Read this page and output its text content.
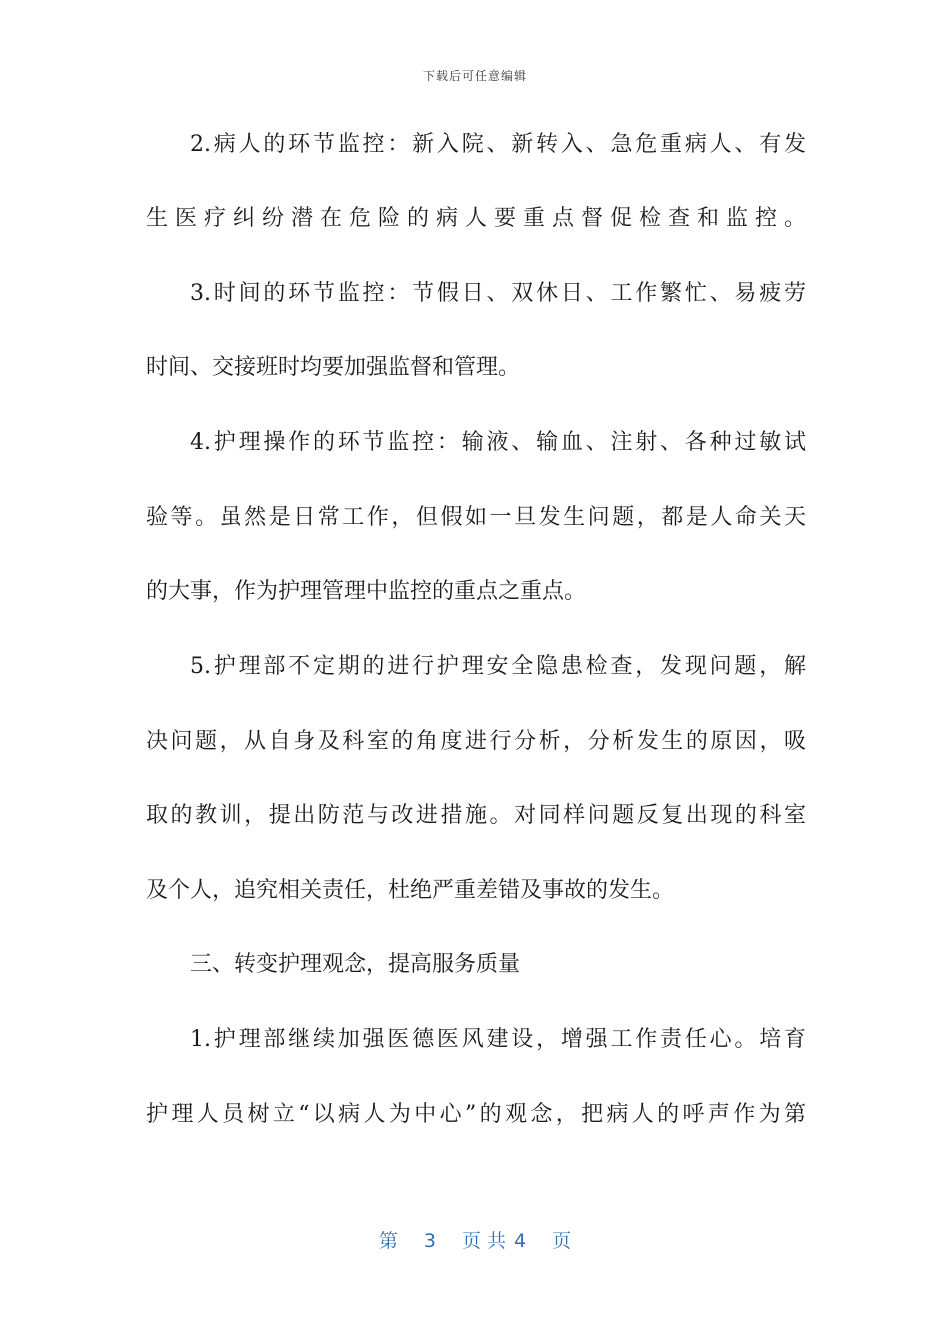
下载后可任意编辑
2.病人的环节监控：新入院、新转入、急危重病人、有发
生医疗纠纷潜在危险的病人要重点督促检查和监控。
3.时间的环节监控：节假日、双休日、工作繁忙、易疲劳
时间、交接班时均要加强监督和管理。
4.护理操作的环节监控：输液、输血、注射、各种过敏试
验等。虽然是日常工作，但假如一旦发生问题，都是人命关天
的大事，作为护理管理中监控的重点之重点。
5.护理部不定期的进行护理安全隐患检查，发现问题，解
决问题，从自身及科室的角度进行分析，分析发生的原因，吸
取的教训，提出防范与改进措施。对同样问题反复出现的科室
及个人，追究相关责任，杜绝严重差错及事故的发生。
三、转变护理观念，提高服务质量
1.护理部继续加强医德医风建设，增强工作责任心。培育
护理人员树立“以病人为中心”的观念，把病人的呼声作为第
第 3 页 共 4 页
